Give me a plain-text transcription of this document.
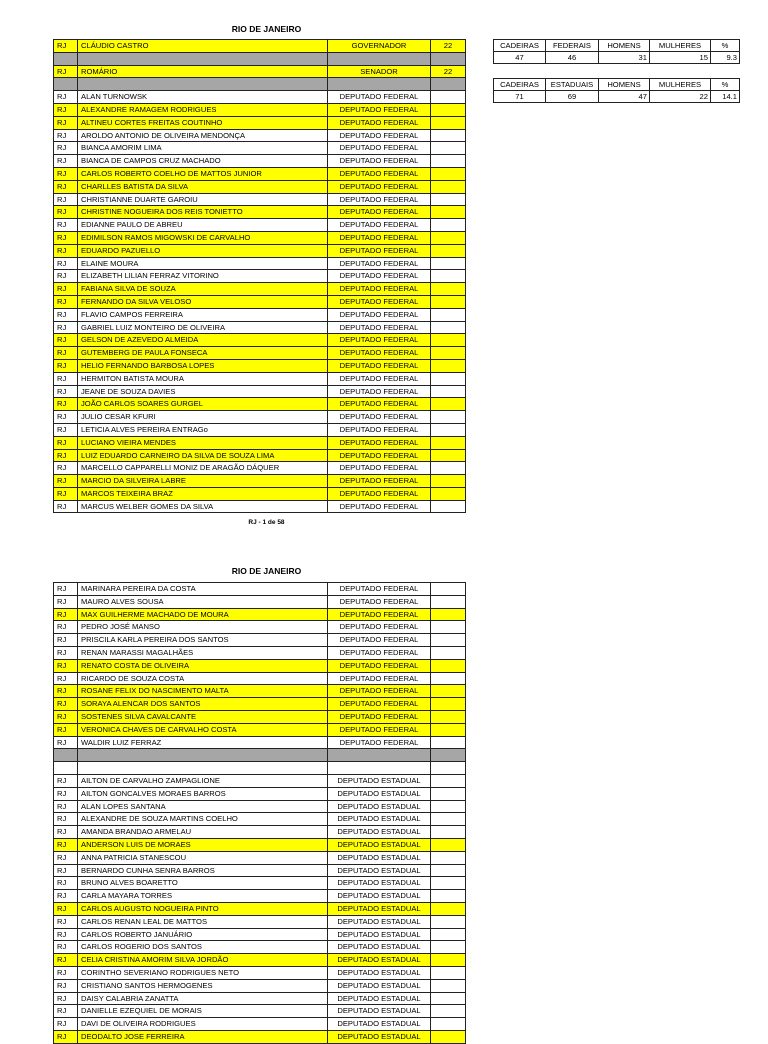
RIO DE JANEIRO
RJ	CLÁUDIO CASTRO	GOVERNADOR	22

RJ	ROMÁRIO	SENADOR	22

RJ	ALAN TURNOWSK	DEPUTADO FEDERAL	
RJ	ALEXANDRE RAMAGEM RODRIGUES	DEPUTADO FEDERAL	
RJ	ALTINEU CORTES FREITAS COUTINHO	DEPUTADO FEDERAL	
RJ	AROLDO ANTONIO DE OLIVEIRA MENDONÇA	DEPUTADO FEDERAL	
RJ	BIANCA AMORIM LIMA	DEPUTADO FEDERAL	
RJ	BIANCA DE CAMPOS CRUZ MACHADO	DEPUTADO FEDERAL	
RJ	CARLOS ROBERTO COELHO DE MATTOS JUNIOR	DEPUTADO FEDERAL	
RJ	CHARLLES BATISTA DA SILVA	DEPUTADO FEDERAL	
RJ	CHRISTIANNE DUARTE GAROIU	DEPUTADO FEDERAL	
RJ	CHRISTINE NOGUEIRA DOS REIS TONIETTO	DEPUTADO FEDERAL	
RJ	EDIANNE PAULO DE ABREU	DEPUTADO FEDERAL	
RJ	EDIMILSON RAMOS MIGOWSKI DE CARVALHO	DEPUTADO FEDERAL	
RJ	EDUARDO PAZUELLO	DEPUTADO FEDERAL	
RJ	ELAINE MOURA	DEPUTADO FEDERAL	
RJ	ELIZABETH LILIAN FERRAZ VITORINO	DEPUTADO FEDERAL	
RJ	FABIANA SILVA DE SOUZA	DEPUTADO FEDERAL	
RJ	FERNANDO DA SILVA VELOSO	DEPUTADO FEDERAL	
RJ	FLAVIO CAMPOS FERREIRA	DEPUTADO FEDERAL	
RJ	GABRIEL LUIZ MONTEIRO DE OLIVEIRA	DEPUTADO FEDERAL	
RJ	GELSON DE AZEVEDO ALMEIDA	DEPUTADO FEDERAL	
RJ	GUTEMBERG DE PAULA FONSECA	DEPUTADO FEDERAL	
RJ	HELIO FERNANDO BARBOSA LOPES	DEPUTADO FEDERAL	
RJ	HERMITON BATISTA MOURA	DEPUTADO FEDERAL	
RJ	JEANE DE SOUZA DAVIES	DEPUTADO FEDERAL	
RJ	JOÃO CARLOS SOARES GURGEL	DEPUTADO FEDERAL	
RJ	JULIO CESAR KFURI	DEPUTADO FEDERAL	
RJ	LETICIA ALVES PEREIRA ENTRAGo	DEPUTADO FEDERAL	
RJ	LUCIANO VIEIRA MENDES	DEPUTADO FEDERAL	
RJ	LUIZ EDUARDO CARNEIRO DA SILVA DE SOUZA LIMA	DEPUTADO FEDERAL	
RJ	MARCELLO CAPPARELLI MONIZ DE ARAGÃO DÁQUER	DEPUTADO FEDERAL	
RJ	MARCIO DA SILVEIRA LABRE	DEPUTADO FEDERAL	
RJ	MARCOS TEIXEIRA BRAZ	DEPUTADO FEDERAL	
RJ	MARCUS WELBER GOMES DA SILVA	DEPUTADO FEDERAL	
CADEIRAS	FEDERAIS	HOMENS	MULHERES	%
47	46	31	15	9.3
CADEIRAS	ESTADUAIS	HOMENS	MULHERES	%
71	69	47	22	14.1
RJ - 1 de 58
RIO DE JANEIRO
RJ	MARINARA PEREIRA DA COSTA	DEPUTADO FEDERAL	
RJ	MAURO ALVES SOUSA	DEPUTADO FEDERAL	
RJ	MAX GUILHERME MACHADO DE MOURA	DEPUTADO FEDERAL	
RJ	PEDRO JOSÉ MANSO	DEPUTADO FEDERAL	
RJ	PRISCILA KARLA PEREIRA DOS SANTOS	DEPUTADO FEDERAL	
RJ	RENAN MARASSI MAGALHÃES	DEPUTADO FEDERAL	
RJ	RENATO COSTA DE OLIVEIRA	DEPUTADO FEDERAL	
RJ	RICARDO DE SOUZA COSTA	DEPUTADO FEDERAL	
RJ	ROSANE FELIX DO NASCIMENTO MALTA	DEPUTADO FEDERAL	
RJ	SORAYA ALENCAR DOS SANTOS	DEPUTADO FEDERAL	
RJ	SOSTENES SILVA CAVALCANTE	DEPUTADO FEDERAL	
RJ	VERONICA CHAVES DE CARVALHO COSTA	DEPUTADO FEDERAL	
RJ	WALDIR LUIZ FERRAZ	DEPUTADO FEDERAL	

RJ	AILTON DE CARVALHO ZAMPAGLIONE	DEPUTADO ESTADUAL	
RJ	AILTON GONCALVES MORAES BARROS	DEPUTADO ESTADUAL	
RJ	ALAN LOPES SANTANA	DEPUTADO ESTADUAL	
RJ	ALEXANDRE DE SOUZA MARTINS COELHO	DEPUTADO ESTADUAL	
RJ	AMANDA BRANDAO ARMELAU	DEPUTADO ESTADUAL	
RJ	ANDERSON LUIS DE MORAES	DEPUTADO ESTADUAL	
RJ	ANNA PATRICIA STANESCOU	DEPUTADO ESTADUAL	
RJ	BERNARDO CUNHA SENRA BARROS	DEPUTADO ESTADUAL	
RJ	BRUNO ALVES BOARETTO	DEPUTADO ESTADUAL	
RJ	CARLA MAYARA TORRES	DEPUTADO ESTADUAL	
RJ	CARLOS AUGUSTO NOGUEIRA PINTO	DEPUTADO ESTADUAL	
RJ	CARLOS RENAN LEAL DE MATTOS	DEPUTADO ESTADUAL	
RJ	CARLOS ROBERTO JANUÁRIO	DEPUTADO ESTADUAL	
RJ	CARLOS ROGERIO DOS SANTOS	DEPUTADO ESTADUAL	
RJ	CELIA CRISTINA AMORIM SILVA JORDÃO	DEPUTADO ESTADUAL	
RJ	CORINTHO SEVERIANO RODRIGUES NETO	DEPUTADO ESTADUAL	
RJ	CRISTIANO SANTOS HERMOGENES	DEPUTADO ESTADUAL	
RJ	DAISY CALABRIA ZANATTA	DEPUTADO ESTADUAL	
RJ	DANIELLE EZEQUIEL DE MORAIS	DEPUTADO ESTADUAL	
RJ	DAVI DE OLIVEIRA RODRIGUES	DEPUTADO ESTADUAL	
RJ	DEODALTO JOSE FERREIRA	DEPUTADO ESTADUAL	
